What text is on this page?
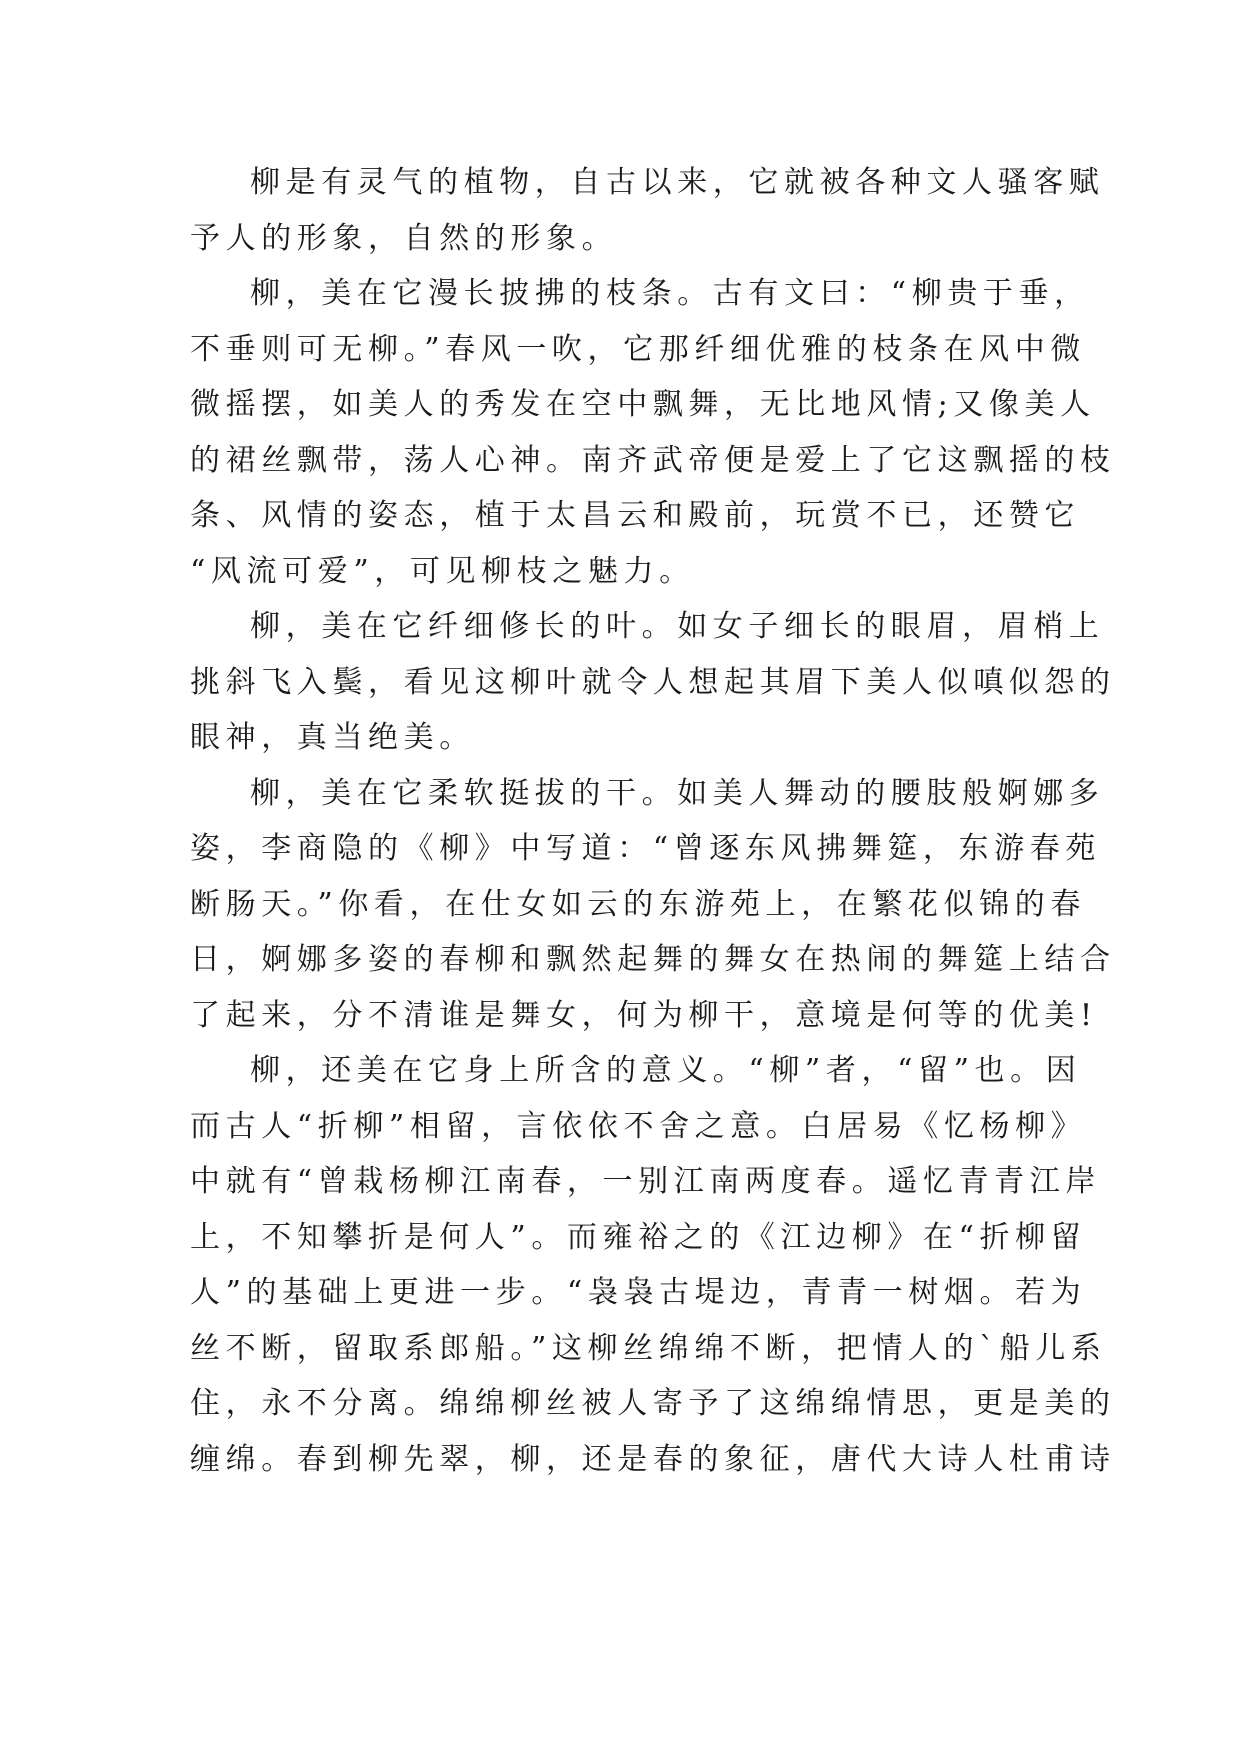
柳是有灵气的植物，自古以来，它就被各种文人骚客赋
予人的形象，自然的形象。

柳，美在它漫长披拂的枝条。古有文曰：“柳贵于垂，
不垂则可无柳。”春风一吹，它那纤细优雅的枝条在风中微
微摇摆，如美人的秀发在空中飘舞，无比地风情;又像美人
的裙丝飘带，荡人心神。南齐武帝便是爱上了它这飘摇的枝
条、风情的姿态，植于太昌云和殿前，玩赏不已，还赞它
“风流可爱”，可见柳枝之魅力。

柳，美在它纤细修长的叶。如女子细长的眼眉，眉梢上
挑斜飞入鬓，看见这柳叶就令人想起其眉下美人似嗔似怨的
眼神，真当绝美。

柳，美在它柔软挺拔的干。如美人舞动的腰肢般婀娜多
姿，李商隐的《柳》中写道：“曾逐东风拂舞筵，东游春苑
断肠天。”你看，在仕女如云的东游苑上，在繁花似锦的春
日，婀娜多姿的春柳和飘然起舞的舞女在热闹的舞筵上结合
了起来，分不清谁是舞女，何为柳干，意境是何等的优美!

柳，还美在它身上所含的意义。“柳”者，“留”也。因
而古人“折柳”相留，言依依不舍之意。白居易《忆杨柳》
中就有“曾栽杨柳江南春，一别江南两度春。遥忆青青江岸
上，不知攀折是何人”。而雍裕之的《江边柳》在“折柳留
人”的基础上更进一步。“袅袅古堤边，青青一树烟。若为
丝不断，留取系郎船。”这柳丝绵绵不断，把情人的`船儿系
住，永不分离。绵绵柳丝被人寄予了这绵绵情思，更是美的
缠绵。春到柳先翠，柳，还是春的象征，唐代大诗人杜甫诗
